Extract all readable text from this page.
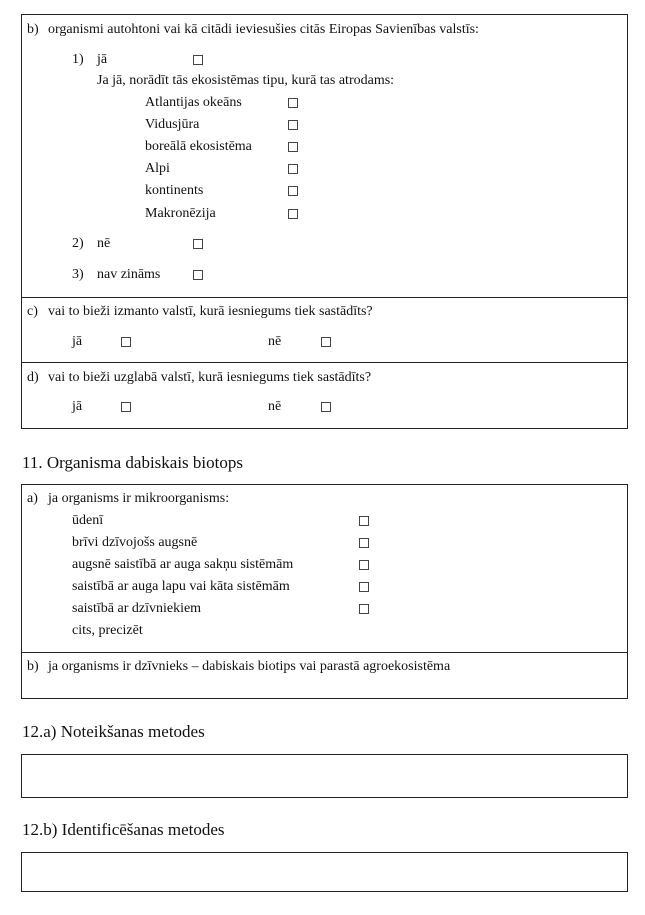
b) organismi autohtoni vai kā citādi ieviesušies citās Eiropas Savienības valstīs:
1) jā
Ja jā, norādīt tās ekosistēmas tipu, kurā tas atrodams:
Atlantijas okeāns
Vidusjūra
boreālā ekosistēma
Alpi
kontinents
Makronēzija
2) nē
3) nav zināms
c) vai to bieži izmanto valstī, kurā iesniegums tiek sastādīts?
jā	nē
d) vai to bieži uzglabā valstī, kurā iesniegums tiek sastādīts?
jā	nē
11. Organisma dabiskais biotops
a) ja organisms ir mikroorganisms:
ūdenī
brīvi dzīvojošs augsnē
augsnē saistībā ar auga sakņu sistēmām
saistībā ar auga lapu vai kāta sistēmām
saistībā ar dzīvniekiem
cits, precizēt
b) ja organisms ir dzīvnieks – dabiskais biotips vai parastā agroekosistēma
12.a) Noteikšanas metodes
12.b) Identificēšanas metodes
